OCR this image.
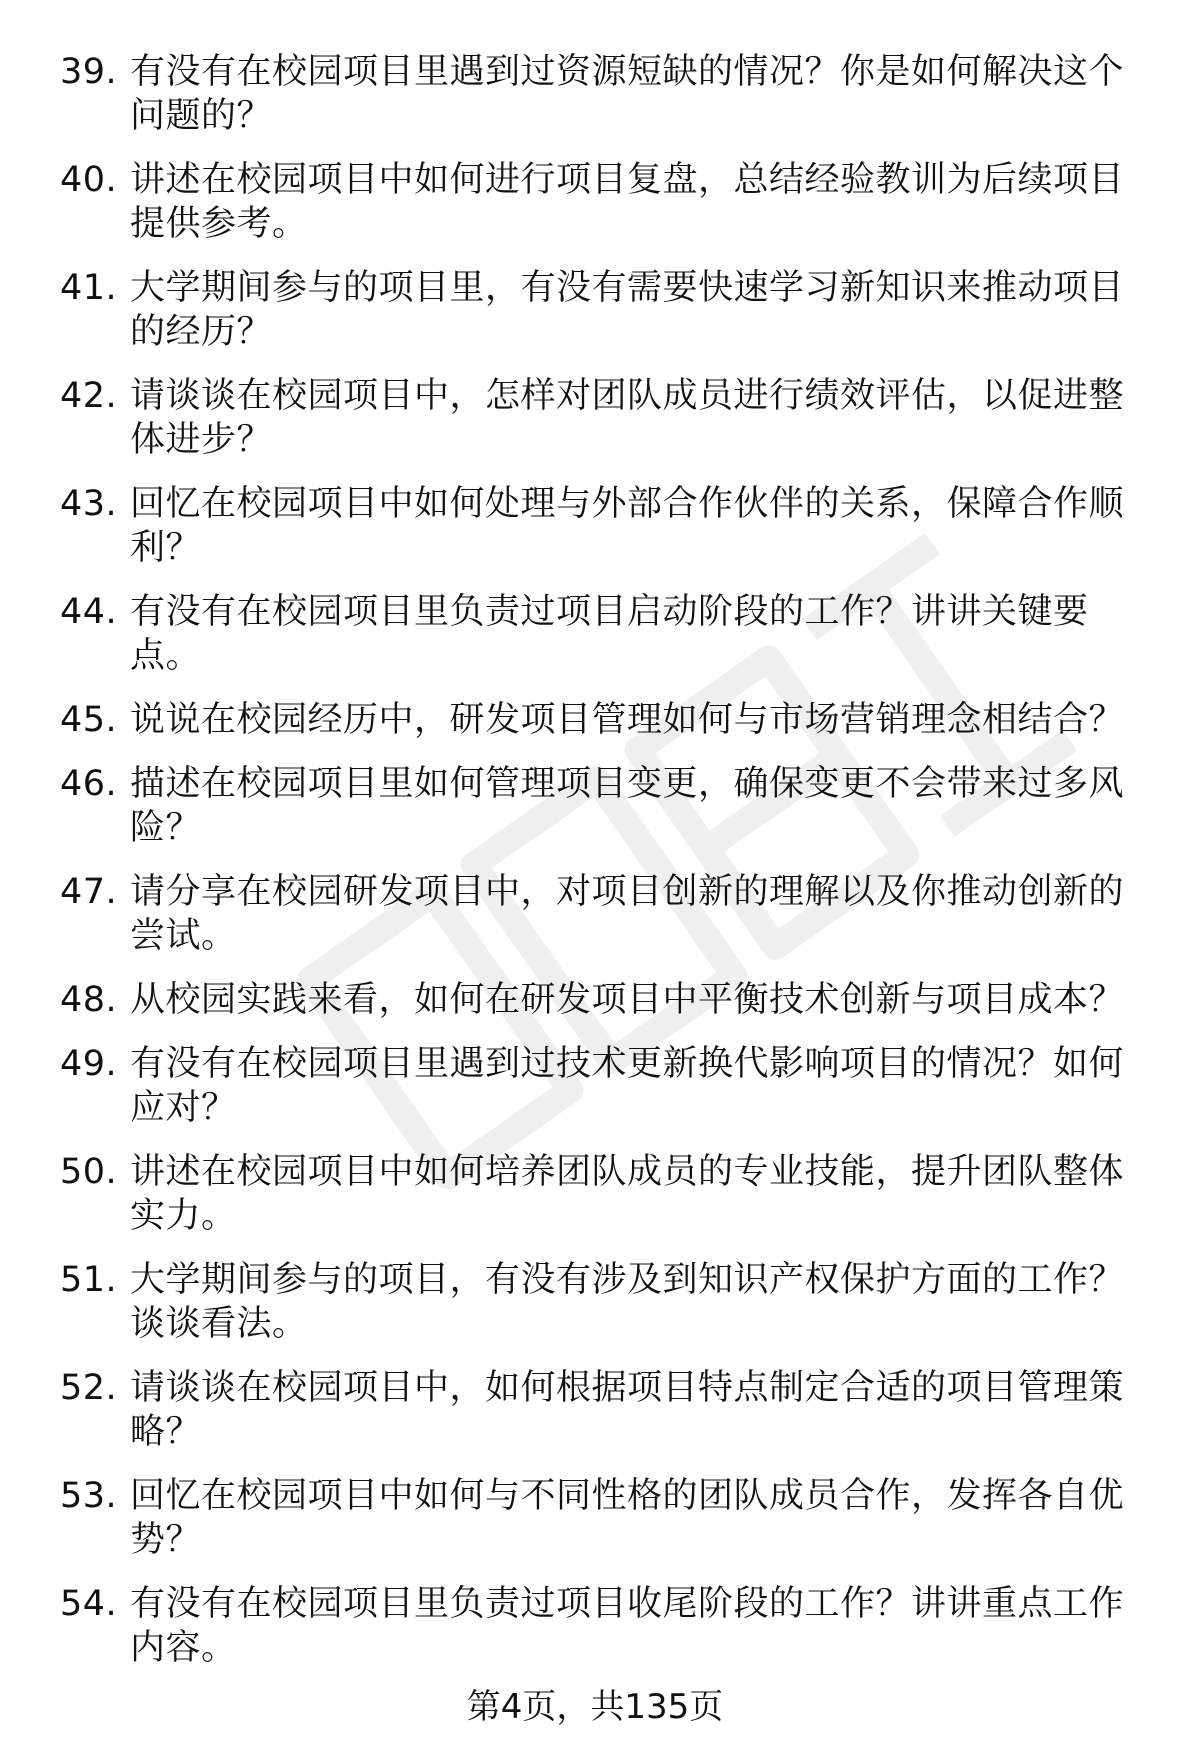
39. 有没有在校园项目里遇到过资源短缺的情况？你是如何解决这个问题的？
40. 讲述在校园项目中如何进行项目复盘，总结经验教训为后续项目提供参考。
41. 大学期间参与的项目里，有没有需要快速学习新知识来推动项目的经历？
42. 请谈谈在校园项目中，怎样对团队成员进行绩效评估，以促进整体进步？
43. 回忆在校园项目中如何处理与外部合作伙伴的关系，保障合作顺利？
44. 有没有在校园项目里负责过项目启动阶段的工作？讲讲关键要点。
45. 说说在校园经历中，研发项目管理如何与市场营销理念相结合？
46. 描述在校园项目里如何管理项目变更，确保变更不会带来过多风险？
47. 请分享在校园研发项目中，对项目创新的理解以及你推动创新的尝试。
48. 从校园实践来看，如何在研发项目中平衡技术创新与项目成本？
49. 有没有在校园项目里遇到过技术更新换代影响项目的情况？如何应对？
50. 讲述在校园项目中如何培养团队成员的专业技能，提升团队整体实力。
51. 大学期间参与的项目，有没有涉及到知识产权保护方面的工作？谈谈看法。
52. 请谈谈在校园项目中，如何根据项目特点制定合适的项目管理策略？
53. 回忆在校园项目中如何与不同性格的团队成员合作，发挥各自优势？
54. 有没有在校园项目里负责过项目收尾阶段的工作？讲讲重点工作内容。
第4页，共135页
